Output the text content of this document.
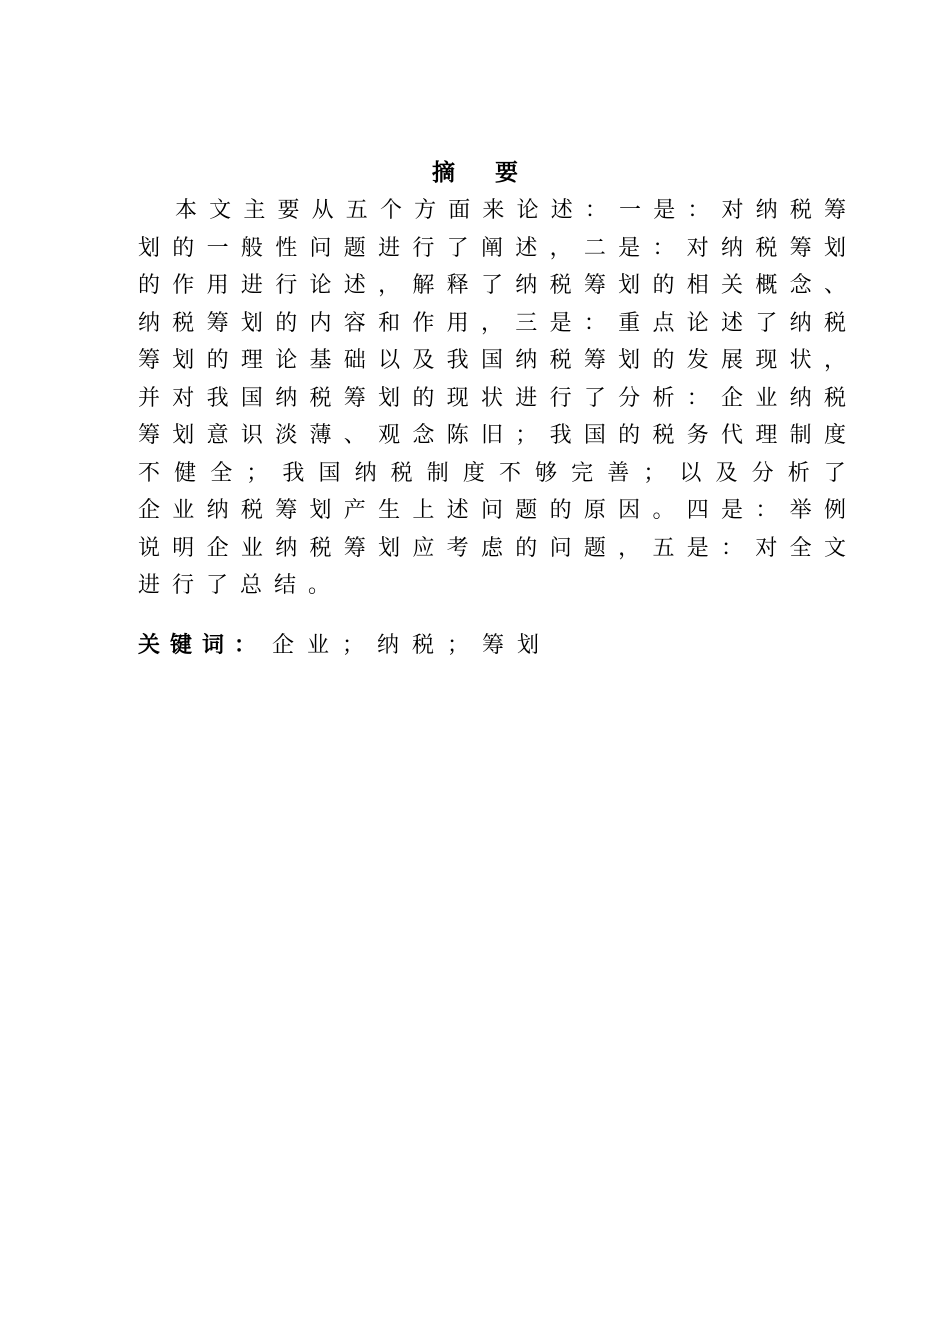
摘要
本 文 主 要 从 五 个 方 面 来 论 述 ： 一 是 ： 对 纳 税 筹
划 的 一 般 性 问 题 进 行 了 阐 述 ， 二 是 ： 对 纳 税 筹 划
的 作 用 进 行 论 述 ， 解 释 了 纳 税 筹 划 的 相 关 概 念 、
纳 税 筹 划 的 内 容 和 作 用 ， 三 是 ： 重 点 论 述 了 纳 税
筹 划 的 理 论 基 础 以 及 我 国 纳 税 筹 划 的 发 展 现 状 ，
并 对 我 国 纳 税 筹 划 的 现 状 进 行 了 分 析 ： 企 业 纳 税
筹 划 意 识 淡 薄 、 观 念 陈 旧 ； 我 国 的 税 务 代 理 制 度
不 健 全 ； 我 国 纳 税 制 度 不 够 完 善 ； 以 及 分 析 了
企 业 纳 税 筹 划 产 生 上 述 问 题 的 原 因 。 四 是 ： 举 例
说 明 企 业 纳 税 筹 划 应 考 虑 的 问 题 ， 五 是 ： 对 全 文
进行了总结。
关键词： 企业；纳税；筹划
